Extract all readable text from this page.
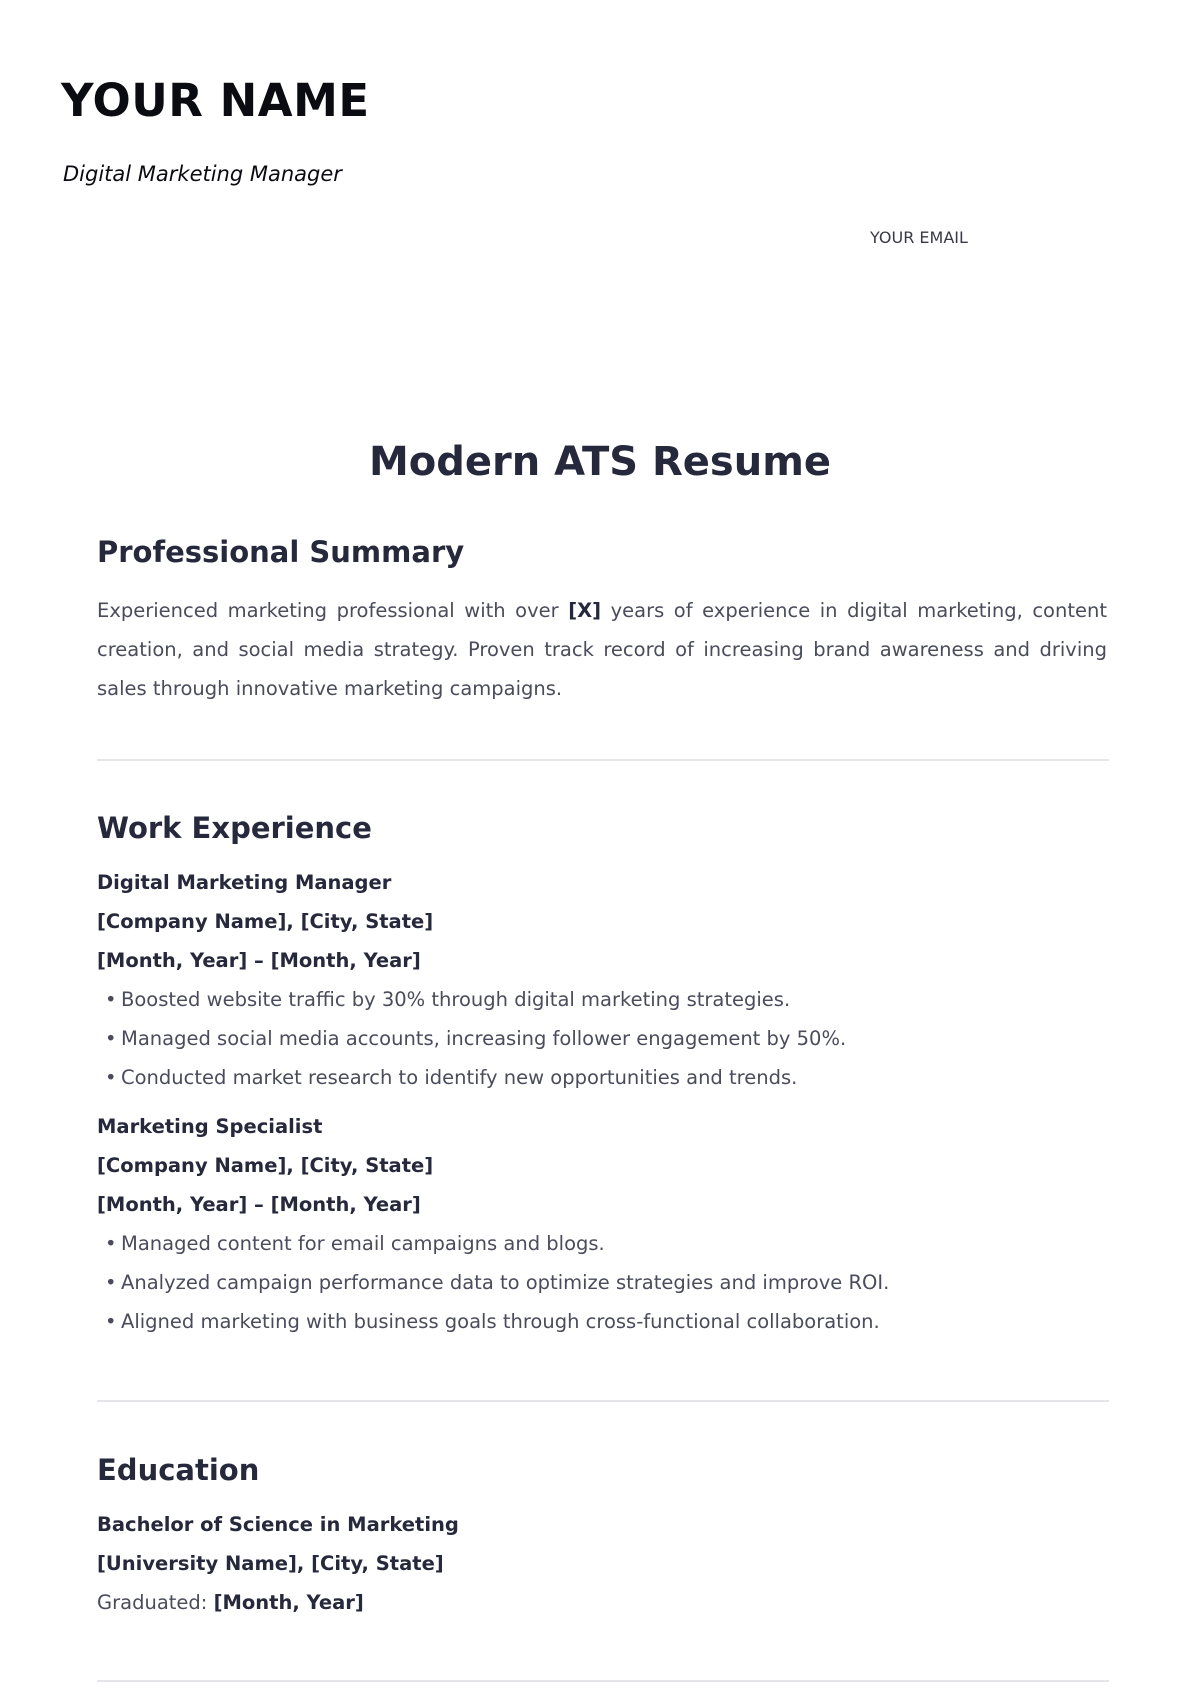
YOUR NAME

Digital Marketing Manager

YOUR EMAIL

Modern ATS Resume
Professional Summary

Experienced marketing professional with over [X] years of experience in digital marketing, content creation, and social media strategy. Proven track record of increasing brand awareness and driving sales through innovative marketing campaigns.

Work Experience

Digital Marketing Manager

[Company Name], [City, State]

[Month, Year] – [Month, Year]

• Boosted website traffic by 30% through digital marketing strategies.
• Managed social media accounts, increasing follower engagement by 50%.
• Conducted market research to identify new opportunities and trends.

Marketing Specialist

[Company Name], [City, State]

[Month, Year] – [Month, Year]

• Managed content for email campaigns and blogs.
• Analyzed campaign performance data to optimize strategies and improve ROI.
• Aligned marketing with business goals through cross-functional collaboration.
Education

Bachelor of Science in Marketing

[University Name], [City, State]

Graduated: [Month, Year]
